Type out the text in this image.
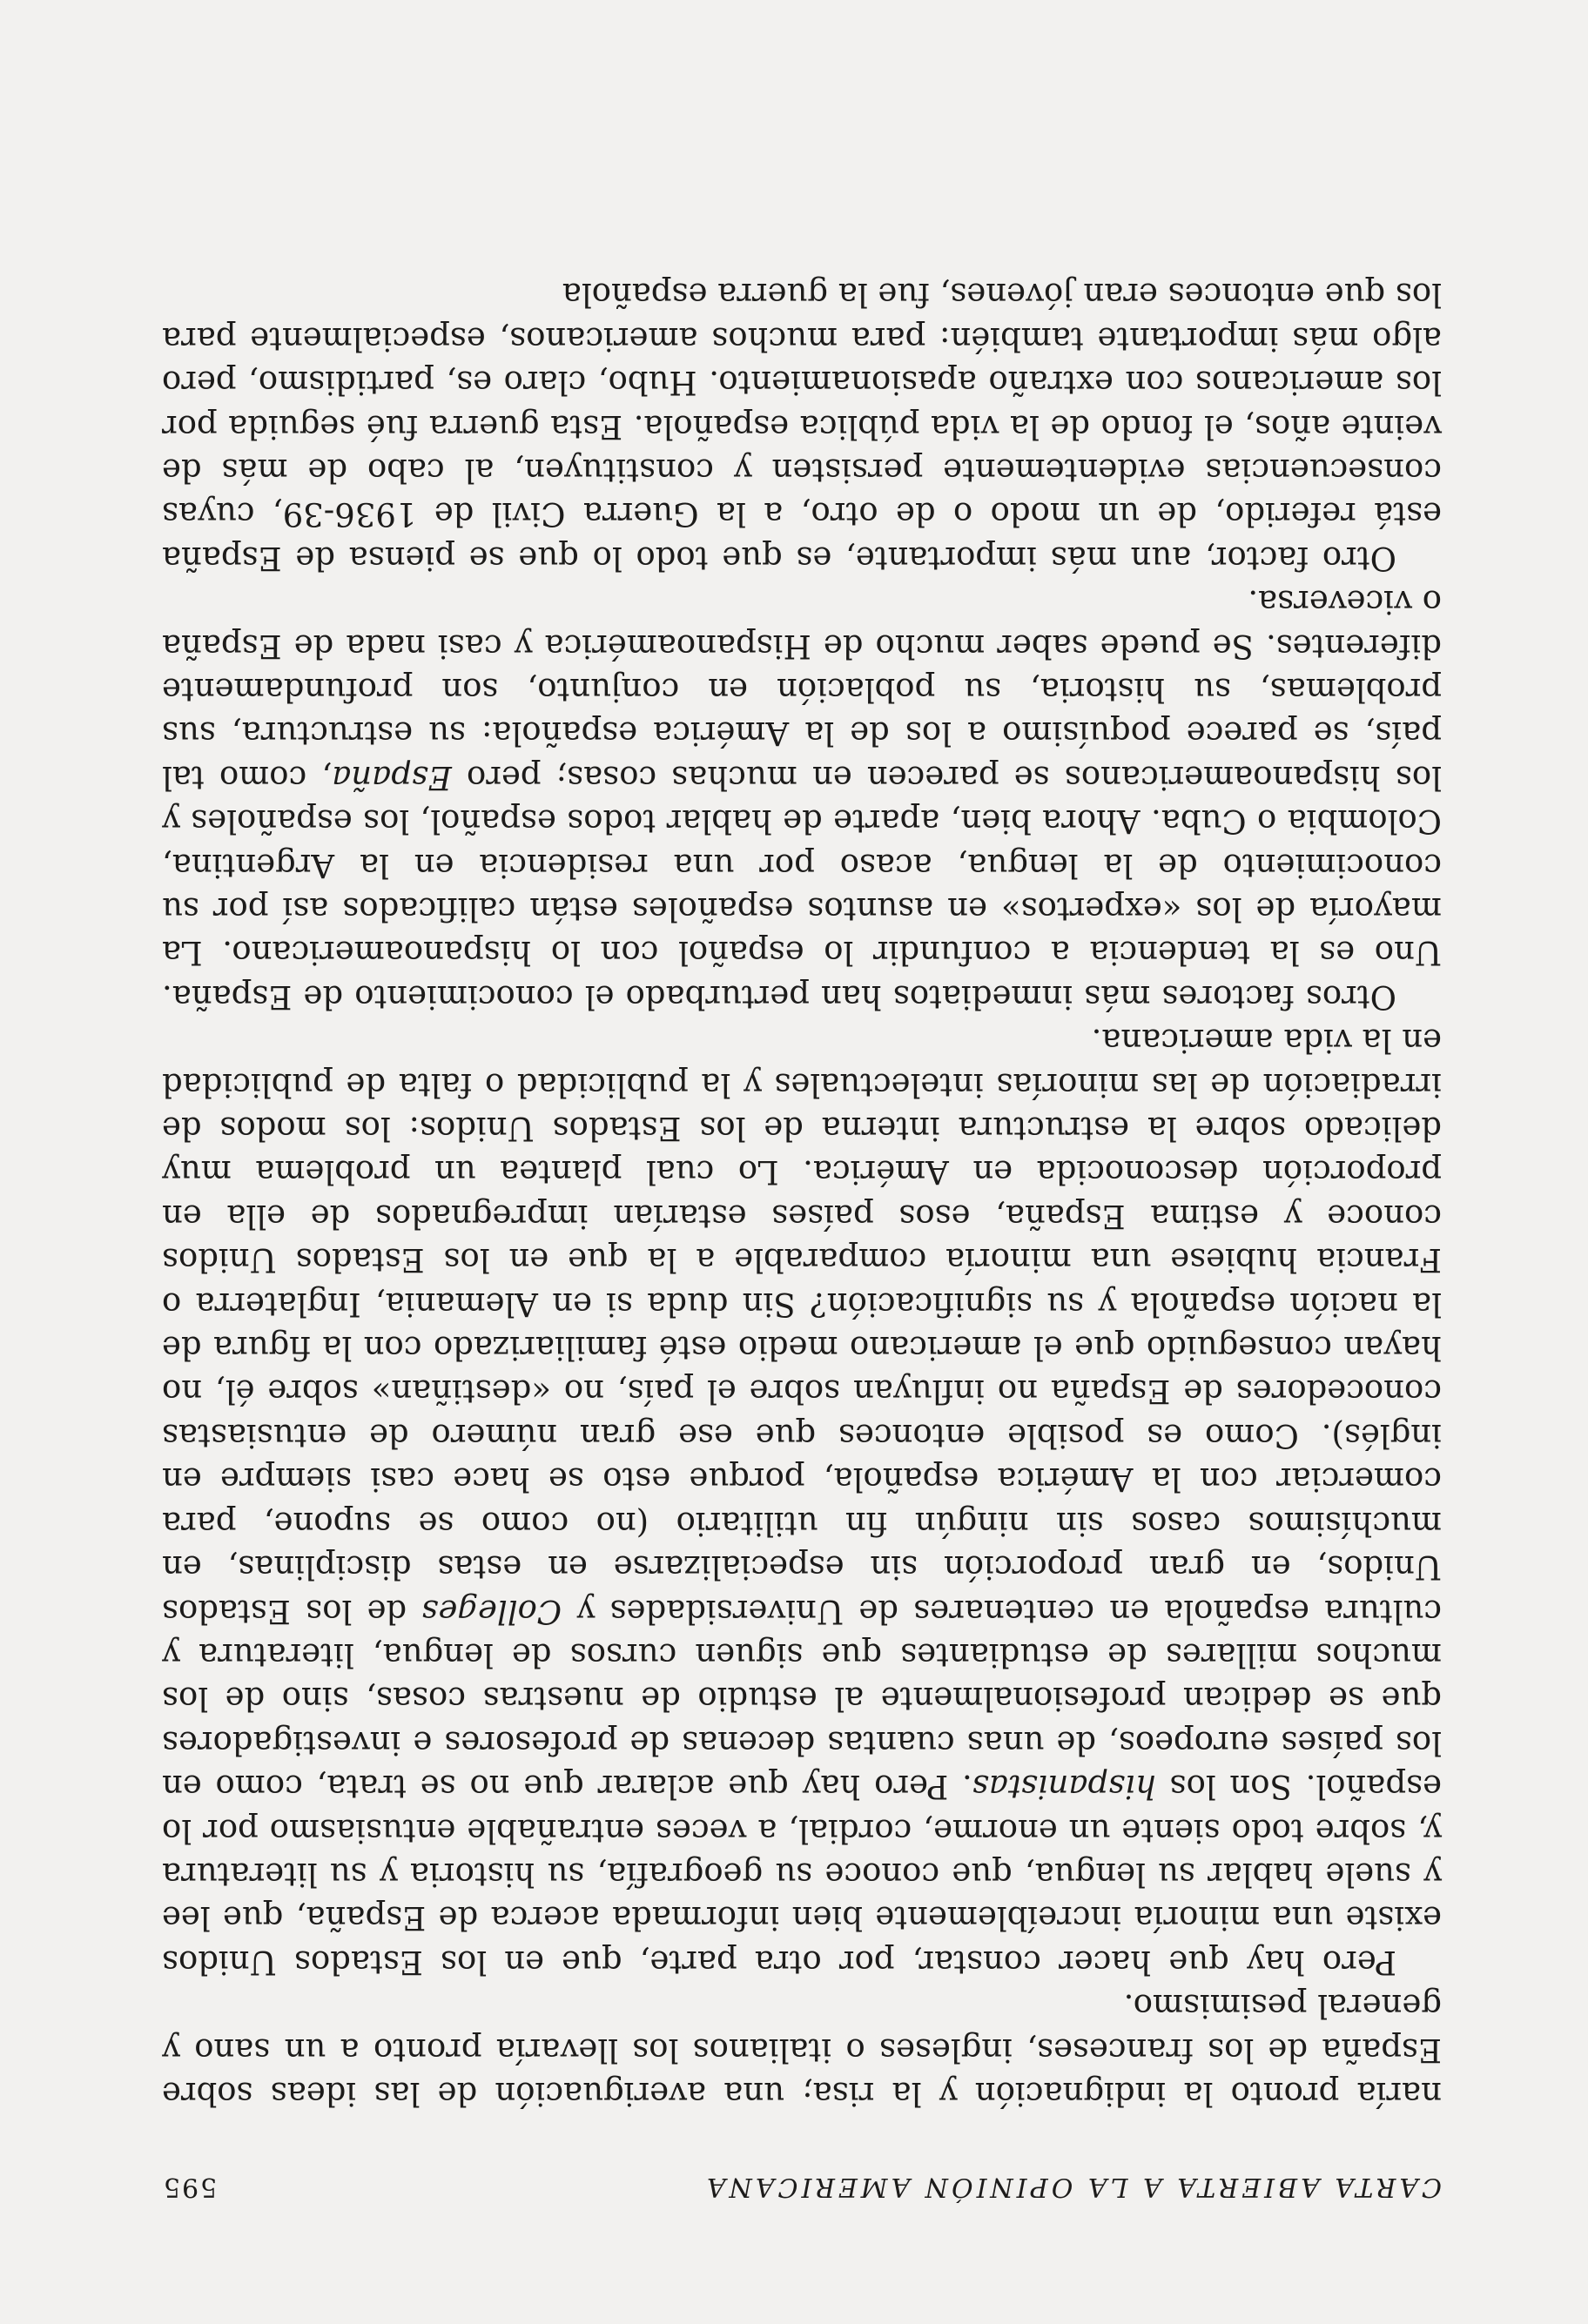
CARTA ABIERTA A LA OPINIÓN AMERICANA
595

naría pronto la indignación y la risa; una averiguación de las ideas sobre España de los franceses, ingleses o italianos los llevaría pronto a un sano y general pesimismo.

Pero hay que hacer constar, por otra parte, que en los Estados Unidos existe una minoría increíblemente bien informada acerca de España, que lee y suele hablar su lengua, que conoce su geografía, su historia y su literatura y, sobre todo siente un enorme, cordial, a veces entrañable entusiasmo por lo español. Son los hispanistas. Pero hay que aclarar que no se trata, como en los países europeos, de unas cuantas decenas de profesores e investigadores que se dedican profesionalmente al estudio de nuestras cosas, sino de los muchos millares de estudiantes que siguen cursos de lengua, literatura y cultura española en centenares de Universidades y Colleges de los Estados Unidos, en gran proporción sin especializarse en estas disciplinas, en muchísimos casos sin ningún fin utilitario (no como se supone, para comerciar con la América española, porque esto se hace casi siempre en inglés). Como es posible entonces que ese gran número de entusiastas conocedores de España no influyan sobre el país, no «destiñan» sobre él, no hayan conseguido que el americano medio esté familiarizado con la figura de la nación española y su significación? Sin duda si en Alemania, Inglaterra o Francia hubiese una minoría comparable a la que en los Estados Unidos conoce y estima España, esos países estarían impregnados de ella en proporción desconocida en América. Lo cual plantea un problema muy delicado sobre la estructura interna de los Estados Unidos: los modos de irradiación de las minorías intelectuales y la publicidad o falta de publicidad en la vida americana.

Otros factores más inmediatos han perturbado el conocimiento de España. Uno es la tendencia a confundir lo español con lo hispanoamericano. La mayoría de los «expertos» en asuntos españoles están calificados así por su conocimiento de la lengua, acaso por una residencia en la Argentina, Colombia o Cuba. Ahora bien, aparte de hablar todos español, los españoles y los hispanoamericanos se parecen en muchas cosas; pero España, como tal país, se parece poquísimo a los de la América española: su estructura, sus problemas, su historia, su población en conjunto, son profundamente diferentes. Se puede saber mucho de Hispanoamérica y casi nada de España o viceversa.

Otro factor, aun más importante, es que todo lo que se piensa de España está referido, de un modo o de otro, a la Guerra Civil de 1936-39, cuyas consecuencias evidentemente persisten y constituyen, al cabo de más de veinte años, el fondo de la vida pública española. Esta guerra fué seguida por los americanos con extraño apasionamiento. Hubo, claro es, partidismo, pero algo más importante también: para muchos americanos, especialmente para los que entonces eran jóvenes, fue la guerra española
